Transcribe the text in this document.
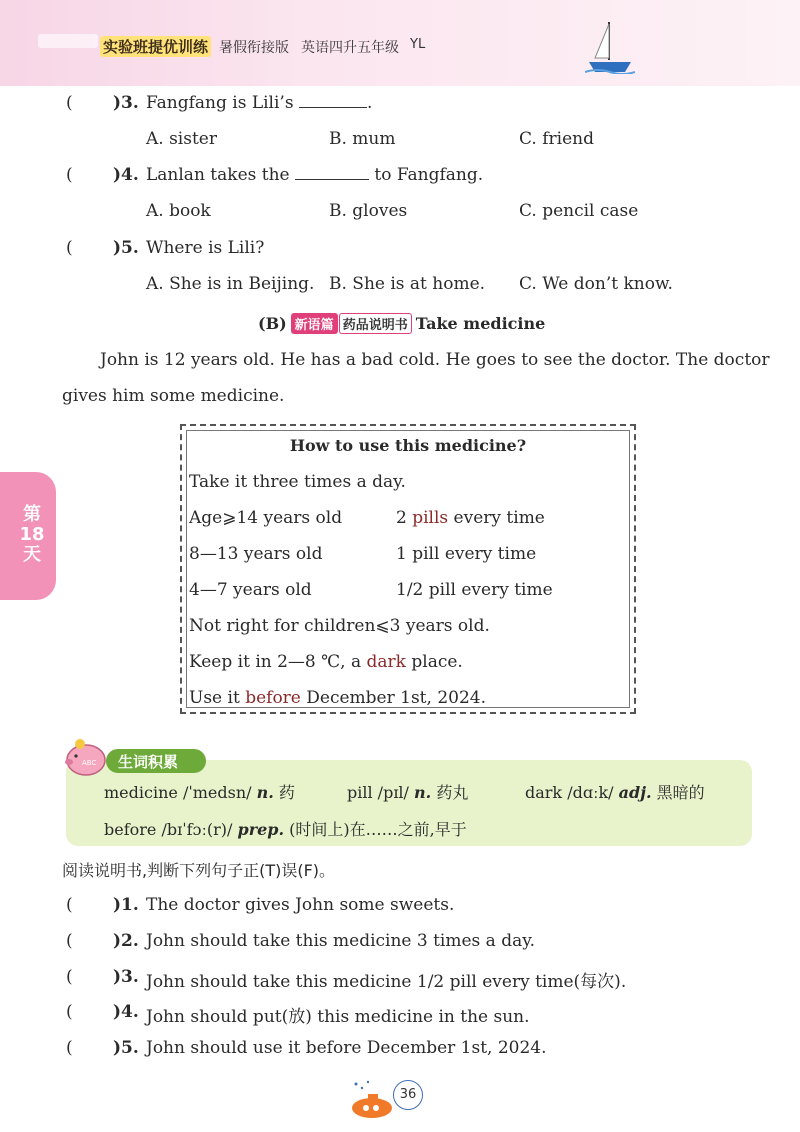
实验班提优训练 暑假衔接版 英语四升五年级 YL
( )3. Fangfang is Lili’s	.
A. sister	B. mum	C. friend
( )4. Lanlan takes the	to Fangfang.
A. book	B. gloves	C. pencil case
( )5. Where is Lili?
A. She is in Beijing. B. She is at home. C. We don’t know.
(B) 新语篇 药品说明书 Take medicine
John is 12 years old. He has a bad cold. He goes to see the doctor. The doctor
gives him some medicine.
How to use this medicine?
Take it three times a day.
Age⩾14 years old	2 pills every time
8—13 years old	1 pill every time
4—7 years old	1/2 pill every time
Not right for children⩽3 years old.
Keep it in 2—8 ℃, a dark place.
Use it before December 1st, 2024.
第
18
天
ABC 生词积累
medicine /ˈmedsn/ n. 药	pill /pɪl/ n. 药丸	dark /dɑːk/ adj. 黑暗的
before /bɪˈfɔː(r)/ prep. (时间上)在……之前,早于
阅读说明书,判断下列句子正(T)误(F)。
( )1. The doctor gives John some sweets.
( )2. John should take this medicine 3 times a day.
( )3. John should take this medicine 1/2 pill every time(每次).
( )4. John should put(放) this medicine in the sun.
( )5. John should use it before December 1st, 2024.
36
